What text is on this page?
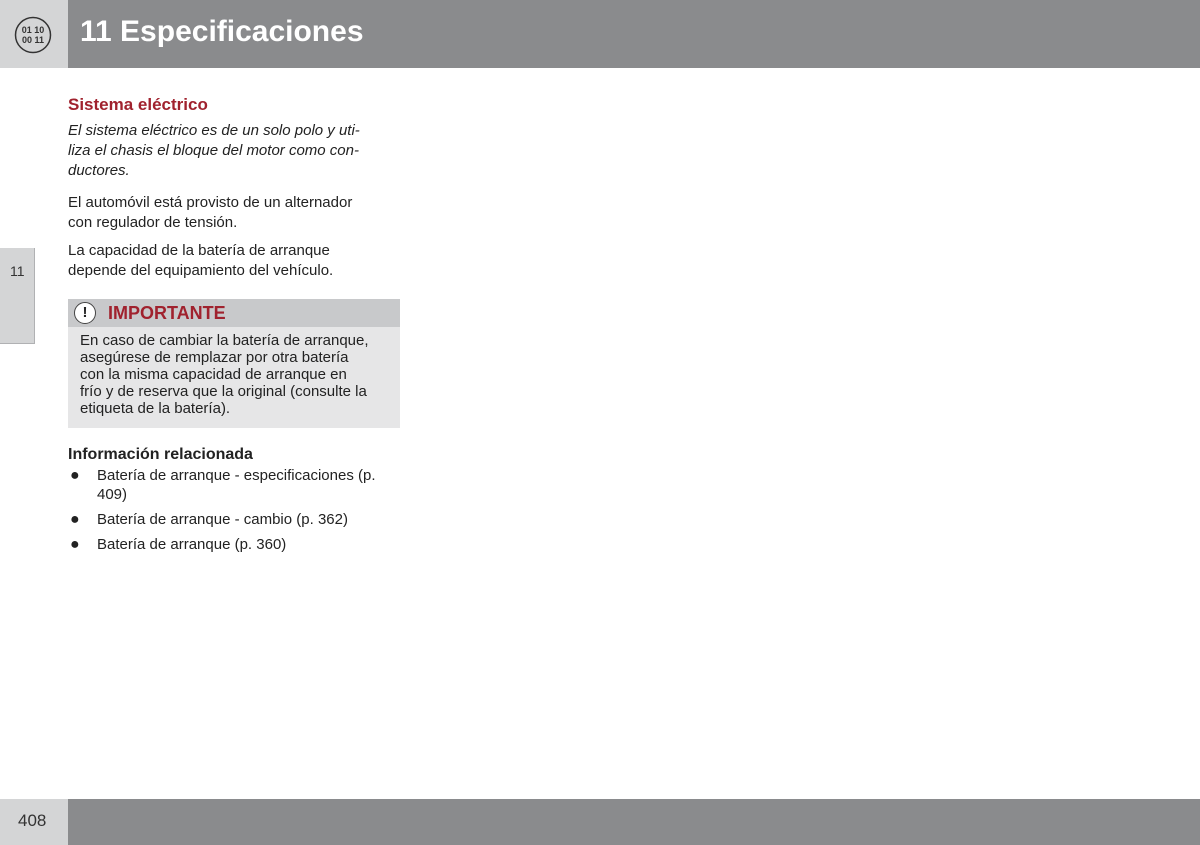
01 10
00 11 11 Especificaciones
11
Sistema eléctrico

El sistema eléctrico es de un solo polo y uti-
liza el chasis el bloque del motor como con-
ductores.

El automóvil está provisto de un alternador
con regulador de tensión.

La capacidad de la batería de arranque
depende del equipamiento del vehículo.

!	IMPORTANTE
En caso de cambiar la batería de arranque,
asegúrese de remplazar por otra batería
con la misma capacidad de arranque en
frío y de reserva que la original (consulte la
etiqueta de la batería).
Información relacionada
● Batería de arranque - especificaciones (p.
409)
● Batería de arranque - cambio (p. 362)
● Batería de arranque (p. 360)
408
